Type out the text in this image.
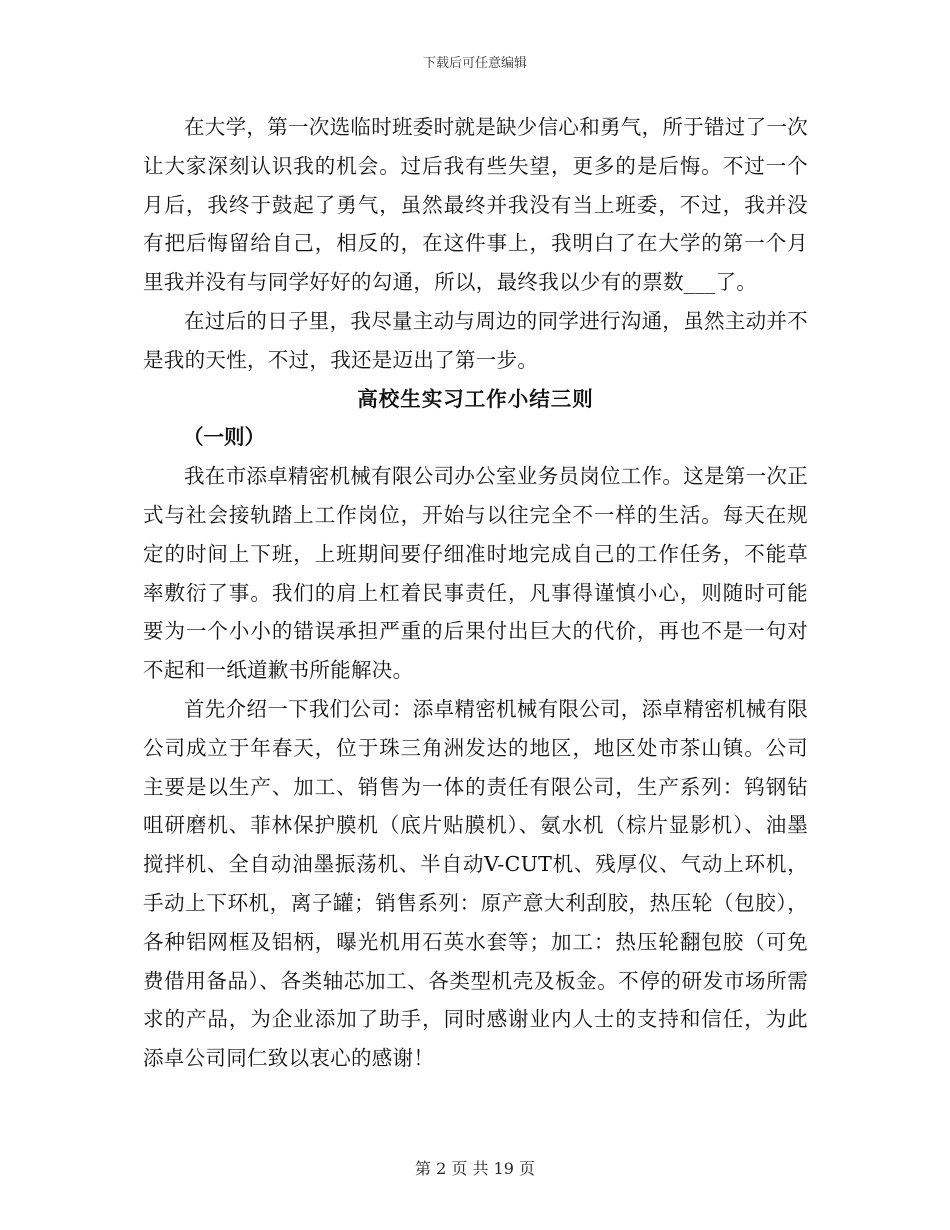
下载后可任意编辑

在大学，第一次选临时班委时就是缺少信心和勇气，所于错过了一次让大家深刻认识我的机会。过后我有些失望，更多的是后悔。不过一个月后，我终于鼓起了勇气，虽然最终并我没有当上班委，不过，我并没有把后悔留给自己，相反的，在这件事上，我明白了在大学的第一个月里我并没有与同学好好的勾通，所以，最终我以少有的票数___了。

在过后的日子里，我尽量主动与周边的同学进行沟通，虽然主动并不是我的天性，不过，我还是迈出了第一步。

高校生实习工作小结三则
（一则）

我在市添卓精密机械有限公司办公室业务员岗位工作。这是第一次正式与社会接轨踏上工作岗位，开始与以往完全不一样的生活。每天在规定的时间上下班，上班期间要仔细准时地完成自己的工作任务，不能草率敷衍了事。我们的肩上杠着民事责任，凡事得谨慎小心，则随时可能要为一个小小的错误承担严重的后果付出巨大的代价，再也不是一句对不起和一纸道歉书所能解决。

首先介绍一下我们公司：添卓精密机械有限公司，添卓精密机械有限公司成立于年春天，位于珠三角洲发达的地区，地区处市茶山镇。公司主要是以生产、加工、销售为一体的责任有限公司，生产系列：钨钢钻咀研磨机、菲林保护膜机（底片贴膜机）、氨水机（棕片显影机）、油墨搅拌机、全自动油墨振荡机、半自动V-CUT机、残厚仪、气动上环机，手动上下环机，离子罐；销售系列：原产意大利刮胶，热压轮（包胶），各种铝网框及铝柄，曝光机用石英水套等；加工：热压轮翻包胶（可免费借用备品）、各类轴芯加工、各类型机壳及板金。不停的研发市场所需求的产品，为企业添加了助手，同时感谢业内人士的支持和信任，为此添卓公司同仁致以衷心的感谢！

第 2 页 共 19 页
